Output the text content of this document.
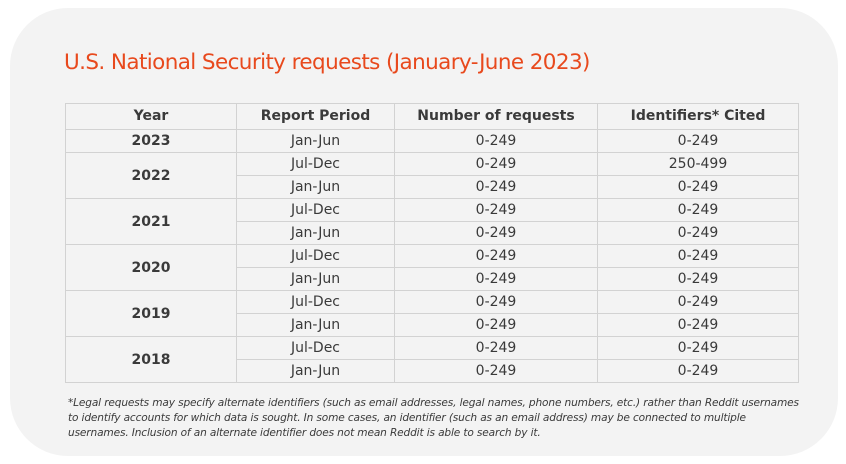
U.S. National Security requests (January-June 2023)
Year	Report Period	Number of requests	Identifiers* Cited
2023	Jan-Jun	0-249	0-249
2022	Jul-Dec	0-249	250-499
	Jan-Jun	0-249	0-249
2021	Jul-Dec	0-249	0-249
	Jan-Jun	0-249	0-249
2020	Jul-Dec	0-249	0-249
	Jan-Jun	0-249	0-249
2019	Jul-Dec	0-249	0-249
	Jan-Jun	0-249	0-249
2018	Jul-Dec	0-249	0-249
	Jan-Jun	0-249	0-249

*Legal requests may specify alternate identifiers (such as email addresses, legal names, phone numbers, etc.) rather than Reddit usernames to identify accounts for which data is sought. In some cases, an identifier (such as an email address) may be connected to multiple usernames. Inclusion of an alternate identifier does not mean Reddit is able to search by it.
